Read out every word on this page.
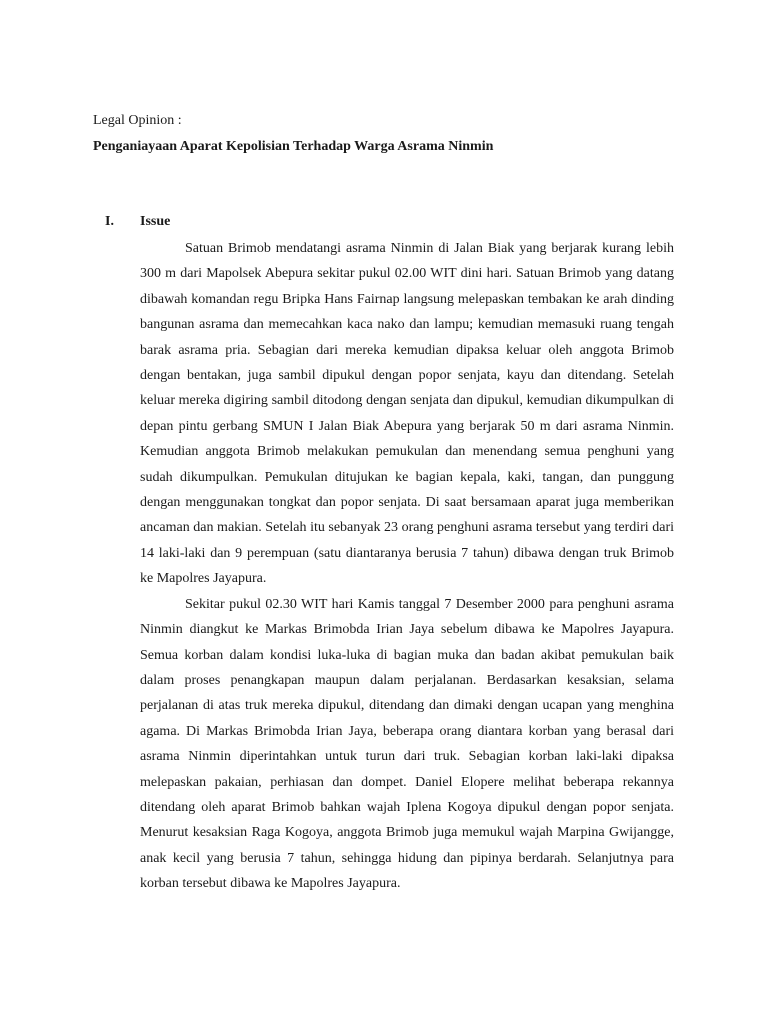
Legal Opinion :
Penganiayaan Aparat Kepolisian Terhadap Warga Asrama Ninmin
I. Issue

Satuan Brimob mendatangi asrama Ninmin di Jalan Biak yang berjarak kurang lebih 300 m dari Mapolsek Abepura sekitar pukul 02.00 WIT dini hari. Satuan Brimob yang datang dibawah komandan regu Bripka Hans Fairnap langsung melepaskan tembakan ke arah dinding bangunan asrama dan memecahkan kaca nako dan lampu; kemudian memasuki ruang tengah barak asrama pria. Sebagian dari mereka kemudian dipaksa keluar oleh anggota Brimob dengan bentakan, juga sambil dipukul dengan popor senjata, kayu dan ditendang. Setelah keluar mereka digiring sambil ditodong dengan senjata dan dipukul, kemudian dikumpulkan di depan pintu gerbang SMUN I Jalan Biak Abepura yang berjarak 50 m dari asrama Ninmin. Kemudian anggota Brimob melakukan pemukulan dan menendang semua penghuni yang sudah dikumpulkan. Pemukulan ditujukan ke bagian kepala, kaki, tangan, dan punggung dengan menggunakan tongkat dan popor senjata. Di saat bersamaan aparat juga memberikan ancaman dan makian. Setelah itu sebanyak 23 orang penghuni asrama tersebut yang terdiri dari 14 laki-laki dan 9 perempuan (satu diantaranya berusia 7 tahun) dibawa dengan truk Brimob ke Mapolres Jayapura.

Sekitar pukul 02.30 WIT hari Kamis tanggal 7 Desember 2000 para penghuni asrama Ninmin diangkut ke Markas Brimobda Irian Jaya sebelum dibawa ke Mapolres Jayapura. Semua korban dalam kondisi luka-luka di bagian muka dan badan akibat pemukulan baik dalam proses penangkapan maupun dalam perjalanan. Berdasarkan kesaksian, selama perjalanan di atas truk mereka dipukul, ditendang dan dimaki dengan ucapan yang menghina agama. Di Markas Brimobda Irian Jaya, beberapa orang diantara korban yang berasal dari asrama Ninmin diperintahkan untuk turun dari truk. Sebagian korban laki-laki dipaksa melepaskan pakaian, perhiasan dan dompet. Daniel Elopere melihat beberapa rekannya ditendang oleh aparat Brimob bahkan wajah Iplena Kogoya dipukul dengan popor senjata. Menurut kesaksian Raga Kogoya, anggota Brimob juga memukul wajah Marpina Gwijangge, anak kecil yang berusia 7 tahun, sehingga hidung dan pipinya berdarah. Selanjutnya para korban tersebut dibawa ke Mapolres Jayapura.
